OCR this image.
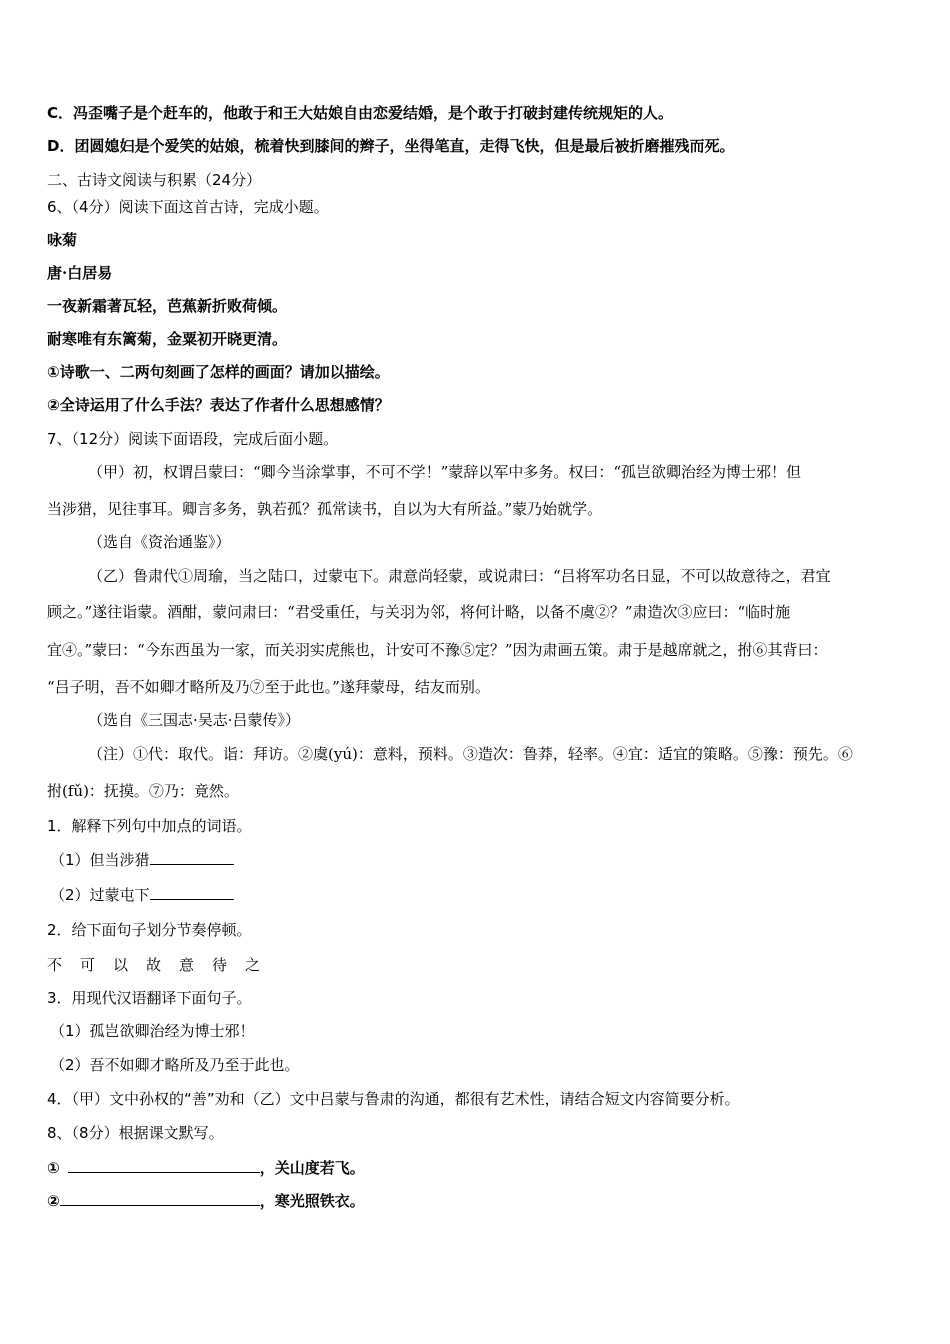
C．冯歪嘴子是个赶车的，他敢于和王大姑娘自由恋爱结婚，是个敢于打破封建传统规矩的人。
D．团圆媳妇是个爱笑的姑娘，梳着快到膝间的辫子，坐得笔直，走得飞快，但是最后被折磨摧残而死。
二、古诗文阅读与积累（24分）
6、（4分）阅读下面这首古诗，完成小题。
咏菊
唐·白居易
一夜新霜著瓦轻，芭蕉新折败荷倾。
耐寒唯有东篱菊，金粟初开晓更清。
①诗歌一、二两句刻画了怎样的画面？请加以描绘。
②全诗运用了什么手法？表达了作者什么思想感情？
7、（12分）阅读下面语段，完成后面小题。
（甲）初，权谓吕蒙曰：“卿今当涂掌事，不可不学！”蒙辞以军中多务。权曰：“孤岂欲卿治经为博士邪！但
当涉猎，见往事耳。卿言多务，孰若孤？孤常读书，自以为大有所益。”蒙乃始就学。
（选自《资治通鉴》）
（乙）鲁肃代①周瑜，当之陆口，过蒙屯下。肃意尚轻蒙，或说肃曰：“吕将军功名日显，不可以故意待之，君宜
顾之。”遂往诣蒙。酒酣，蒙问肃曰：“君受重任，与关羽为邻，将何计略，以备不虞②？”肃造次③应曰：“临时施
宜④。”蒙曰：“今东西虽为一家，而关羽实虎熊也，计安可不豫⑤定？”因为肃画五策。肃于是越席就之，拊⑥其背曰：
“吕子明，吾不如卿才略所及乃⑦至于此也。”遂拜蒙母，结友而别。
（选自《三国志·吴志·吕蒙传》）
（注）①代：取代。诣：拜访。②虞(yú)：意料，预料。③造次：鲁莽，轻率。④宜：适宜的策略。⑤豫：预先。⑥
拊(fǔ)：抚摸。⑦乃：竟然。
1．解释下列句中加点的词语。
（1）但当涉猎
（2）过蒙屯下
2．给下面句子划分节奏停顿。
不可以故意待之
3．用现代汉语翻译下面句子。
（1）孤岂欲卿治经为博士邪！
（2）吾不如卿才略所及乃至于此也。
4．（甲）文中孙权的“善”劝和（乙）文中吕蒙与鲁肃的沟通，都很有艺术性，请结合短文内容简要分析。
8、（8分）根据课文默写。
①	，关山度若飞。
②	，寒光照铁衣。
